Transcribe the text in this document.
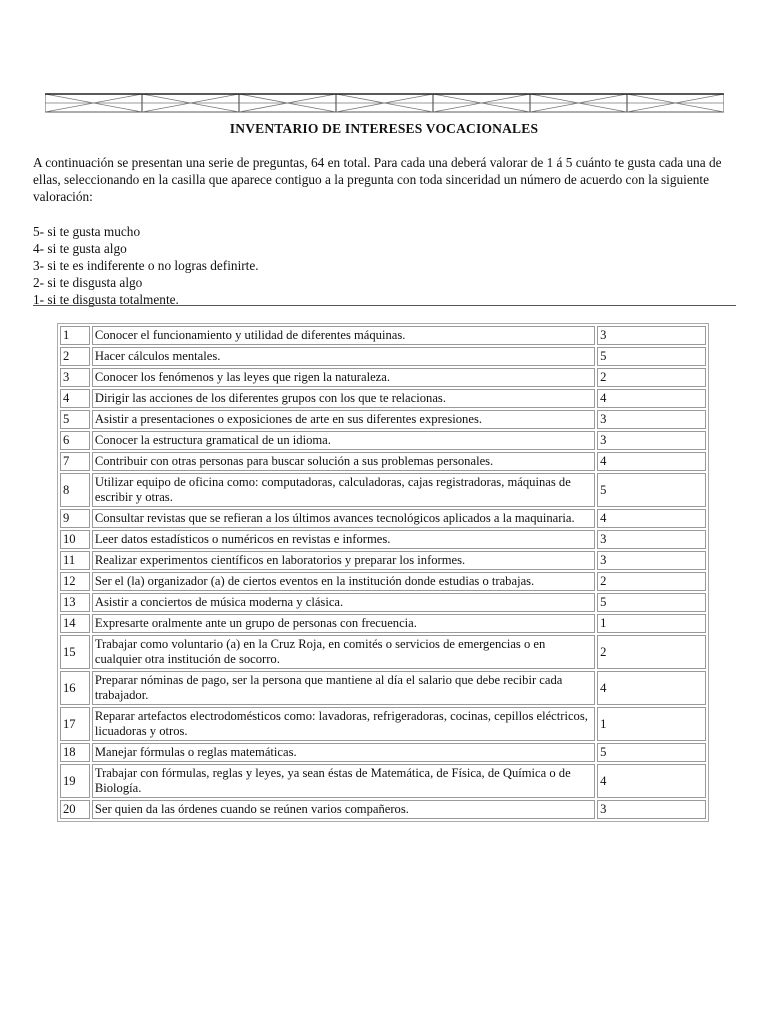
INVENTARIO DE INTERESES VOCACIONALES
A continuación se presentan una serie de preguntas, 64 en total. Para cada una deberá valorar de 1 á 5 cuánto te gusta cada una de ellas, seleccionando en la casilla que aparece contiguo a la pregunta con toda sinceridad un número de acuerdo con la siguiente valoración:
5- si te gusta mucho
4- si te gusta algo
3- si te es indiferente o no logras definirte.
2- si te disgusta algo
1- si te disgusta totalmente.
1	Conocer el funcionamiento y utilidad de diferentes máquinas.	3
2	Hacer cálculos mentales.	5
3	Conocer los fenómenos y las leyes que rigen la naturaleza.	2
4	Dirigir las acciones de los diferentes grupos con los que te relacionas.	4
5	Asistir a presentaciones o exposiciones de arte en sus diferentes expresiones.	3
6	Conocer la estructura gramatical de un idioma.	3
7	Contribuir con otras personas para buscar solución a sus problemas personales.	4
8	Utilizar equipo de oficina como: computadoras, calculadoras, cajas registradoras, máquinas de escribir y otras.	5
9	Consultar revistas que se refieran a los últimos avances tecnológicos aplicados a la maquinaria.	4
10	Leer datos estadísticos o numéricos en revistas e informes.	3
11	Realizar experimentos científicos en laboratorios y preparar los informes.	3
12	Ser el (la) organizador (a) de ciertos eventos en la institución donde estudias o trabajas.	2
13	Asistir a conciertos de música moderna y clásica.	5
14	Expresarte oralmente ante un grupo de personas con frecuencia.	1
15	Trabajar como voluntario (a) en la Cruz Roja, en comités o servicios de emergencias o en cualquier otra institución de socorro.	2
16	Preparar nóminas de pago, ser la persona que mantiene al día el salario que debe recibir cada trabajador.	4
17	Reparar artefactos electrodomésticos como: lavadoras, refrigeradoras, cocinas, cepillos eléctricos, licuadoras y otros.	1
18	Manejar fórmulas o reglas matemáticas.	5
19	Trabajar con fórmulas, reglas y leyes, ya sean éstas de Matemática, de Física, de Química o de Biología.	4
20	Ser quien da las órdenes cuando se reúnen varios compañeros.	3
